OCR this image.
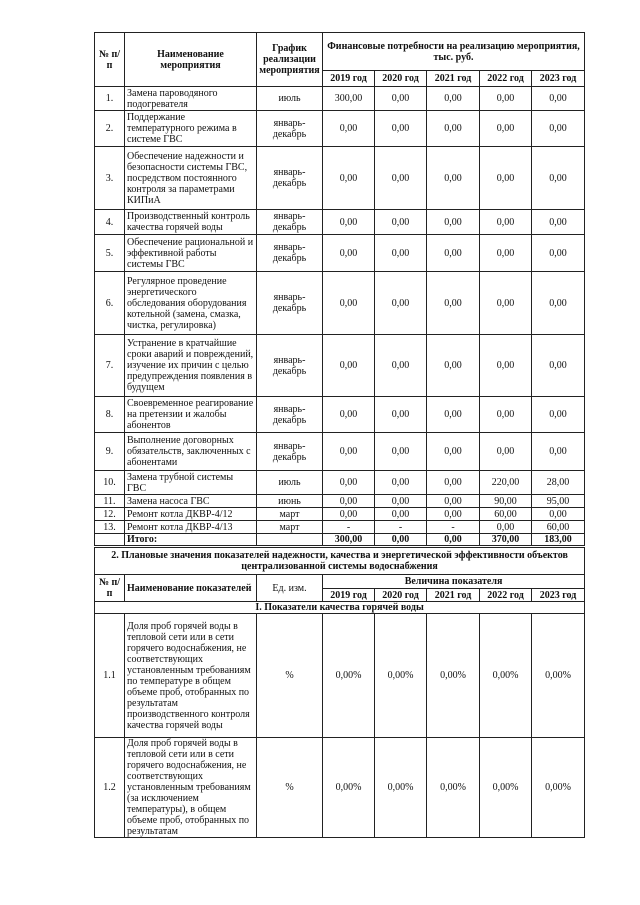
№ п/п	Наименование мероприятия	График реализации мероприятия	Финансовые потребности на реализацию мероприятия, тыс. руб.				
			2019 год	2020 год	2021 год	2022 год	2023 год
1.	Замена пароводяного подогревателя	июль	300,00	0,00	0,00	0,00	0,00
2.	Поддержание температурного режима в системе ГВС	январь-декабрь	0,00	0,00	0,00	0,00	0,00
3.	Обеспечение надежности и безопасности системы ГВС, посредством постоянного контроля за параметрами КИПиА	январь-декабрь	0,00	0,00	0,00	0,00	0,00
4.	Производственный контроль качества горячей воды	январь-декабрь	0,00	0,00	0,00	0,00	0,00
5.	Обеспечение рациональной и эффективной работы системы ГВС	январь-декабрь	0,00	0,00	0,00	0,00	0,00
6.	Регулярное проведение энергетического обследования оборудования котельной (замена, смазка, чистка, регулировка)	январь-декабрь	0,00	0,00	0,00	0,00	0,00
7.	Устранение в кратчайшие сроки аварий и повреждений, изучение их причин с целью предупреждения появления в будущем	январь-декабрь	0,00	0,00	0,00	0,00	0,00
8.	Своевременное реагирование на претензии и жалобы абонентов	январь-декабрь	0,00	0,00	0,00	0,00	0,00
9.	Выполнение договорных обязательств, заключенных с абонентами	январь-декабрь	0,00	0,00	0,00	0,00	0,00
10.	Замена трубной системы ГВС	июль	0,00	0,00	0,00	220,00	28,00
11.	Замена насоса ГВС	июнь	0,00	0,00	0,00	90,00	95,00
12.	Ремонт котла ДКВР-4/12	март	0,00	0,00	0,00	60,00	0,00
13.	Ремонт котла ДКВР-4/13	март	-	-	-	0,00	60,00
	Итого:		300,00	0,00	0,00	370,00	183,00
2. Плановые значения показателей надежности, качества и энергетической эффективности объектов централизованной системы водоснабжения							
№ п/п	Наименование показателей	Ед. изм.	Величина показателя				
			2019 год	2020 год	2021 год	2022 год	2023 год
I. Показатели качества горячей воды							
1.1	Доля проб горячей воды в тепловой сети или в сети горячего водоснабжения, не соответствующих установленным требованиям по температуре в общем объеме проб, отобранных по результатам производственного контроля качества горячей воды	%	0,00%	0,00%	0,00%	0,00%	0,00%
1.2	Доля проб горячей воды в тепловой сети или в сети горячего водоснабжения, не соответствующих установленным требованиям (за исключением температуры), в общем объеме проб, отобранных по результатам	%	0,00%	0,00%	0,00%	0,00%	0,00%
